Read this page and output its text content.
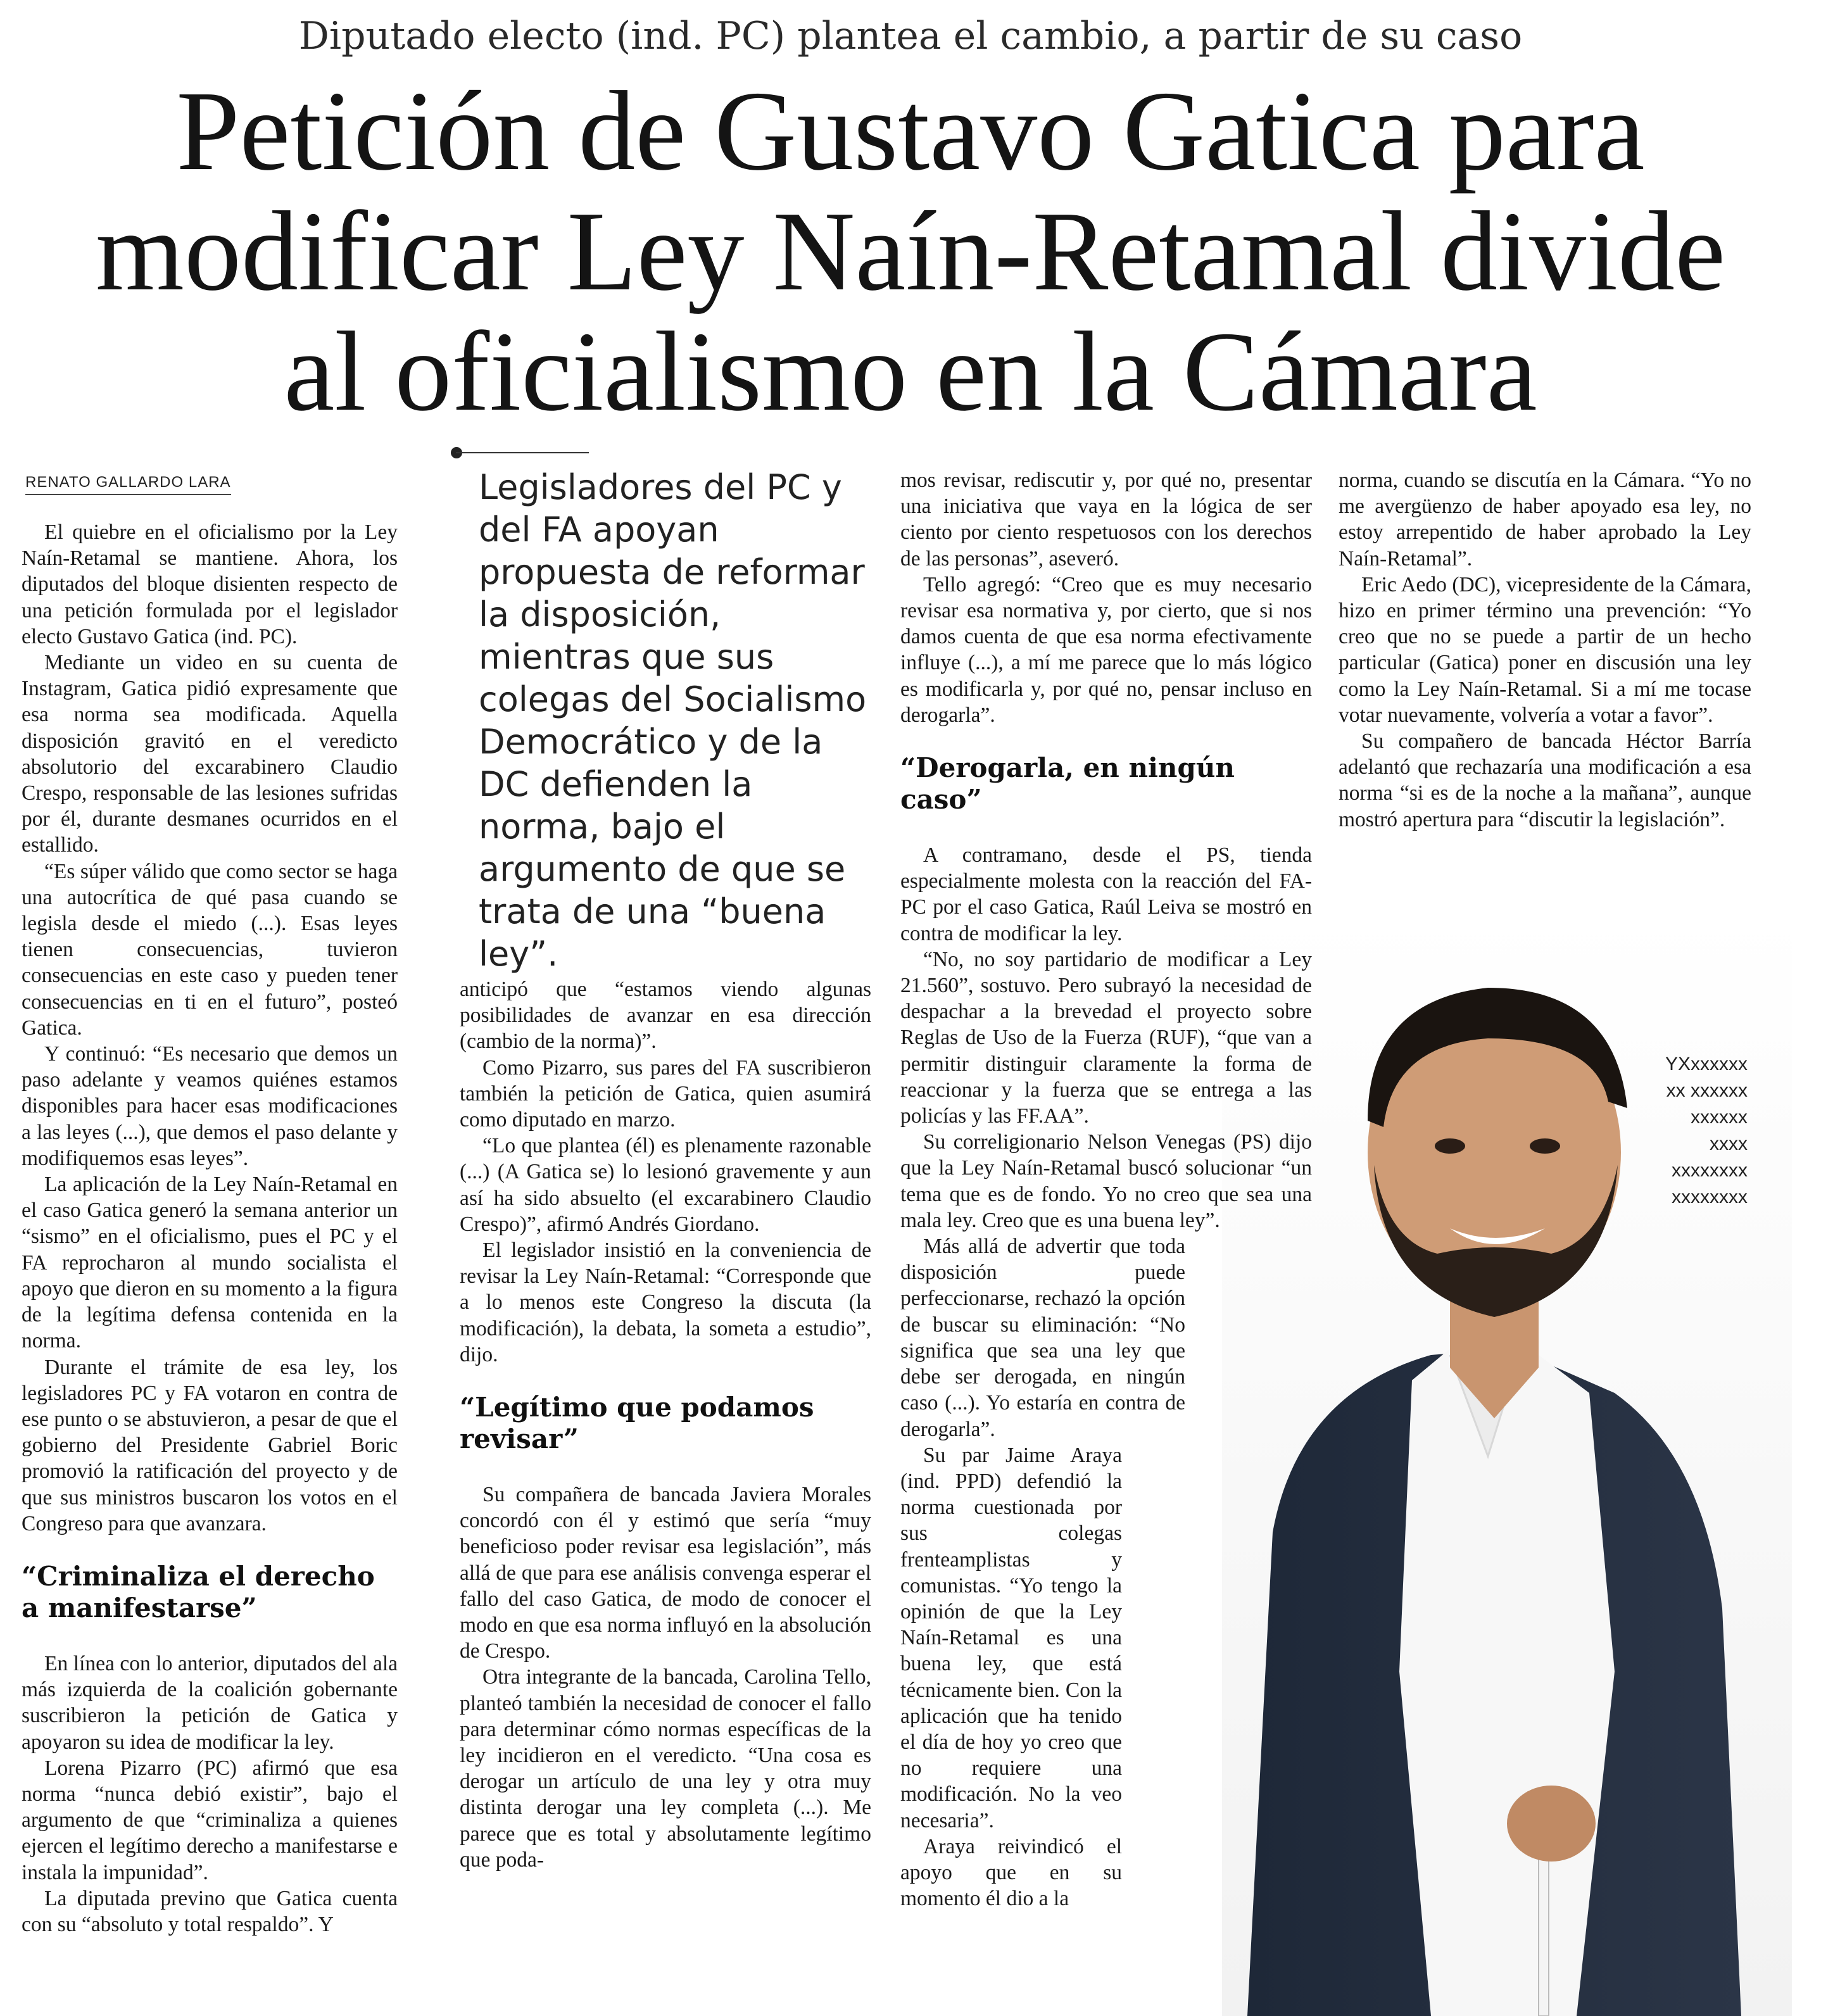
Diputado electo (ind. PC) plantea el cambio, a partir de su caso
Petición de Gustavo Gatica para
modificar Ley Naín-Retamal divide
al oficialismo en la Cámara
RENATO GALLARDO LARA	Legisladores del PC y del FA apoyan propuesta de reformar la disposición, mientras que sus colegas del Socialismo Democrático y de la DC defienden la norma, bajo el argumento de que se trata de una “buena ley”.

YXxxxxxx
xx xxxxxx
xxxxxx
xxxx
xxxxxxxx
xxxxxxxx

El quiebre en el oficialismo por la Ley Naín-Retamal se mantiene. Ahora, los diputados del bloque disienten respecto de una petición formulada por el legislador electo Gustavo Gatica (ind. PC).

Mediante un video en su cuenta de Instagram, Gatica pidió expresamente que esa norma sea modificada. Aquella disposición gravitó en el veredicto absolutorio del excarabinero Claudio Crespo, responsable de las lesiones sufridas por él, durante desmanes ocurridos en el estallido.

“Es súper válido que como sector se haga una autocrítica de qué pasa cuando se legisla desde el miedo (...). Esas leyes tienen consecuencias, tuvieron consecuencias en este caso y pueden tener consecuencias en ti en el futuro”, posteó Gatica.

Y continuó: “Es necesario que demos un paso adelante y veamos quiénes estamos disponibles para hacer esas modificaciones a las leyes (...), que demos el paso delante y modifiquemos esas leyes”.

La aplicación de la Ley Naín-Retamal en el caso Gatica generó la semana anterior un “sismo” en el oficialismo, pues el PC y el FA reprocharon al mundo socialista el apoyo que dieron en su momento a la figura de la legítima defensa contenida en la norma.

Durante el trámite de esa ley, los legisladores PC y FA votaron en contra de ese punto o se abstuvieron, a pesar de que el gobierno del Presidente Gabriel Boric promovió la ratificación del proyecto y de que sus ministros buscaron los votos en el Congreso para que avanzara.

“Criminaliza el derecho a manifestarse”

En línea con lo anterior, diputados del ala más izquierda de la coalición gobernante suscribieron la petición de Gatica y apoyaron su idea de modificar la ley.

Lorena Pizarro (PC) afirmó que esa norma “nunca debió existir”, bajo el argumento de que “criminaliza a quienes ejercen el legítimo derecho a manifestarse e instala la impunidad”.

La diputada previno que Gatica cuenta con su “absoluto y total respaldo”. Y

anticipó que “estamos viendo algunas posibilidades de avanzar en esa dirección (cambio de la norma)”.

Como Pizarro, sus pares del FA suscribieron también la petición de Gatica, quien asumirá como diputado en marzo.

“Lo que plantea (él) es plenamente razonable (...) (A Gatica se) lo lesionó gravemente y aun así ha sido absuelto (el excarabinero Claudio Crespo)”, afirmó Andrés Giordano.

El legislador insistió en la conveniencia de revisar la Ley Naín-Retamal: “Corresponde que a lo menos este Congreso la discuta (la modificación), la debata, la someta a estudio”, dijo.

“Legítimo que podamos revisar”

Su compañera de bancada Javiera Morales concordó con él y estimó que sería “muy beneficioso poder revisar esa legislación”, más allá de que para ese análisis convenga esperar el fallo del caso Gatica, de modo de conocer el modo en que esa norma influyó en la absolución de Crespo.

Otra integrante de la bancada, Carolina Tello, planteó también la necesidad de conocer el fallo para determinar cómo normas específicas de la ley incidieron en el veredicto. “Una cosa es derogar un artículo de una ley y otra muy distinta derogar una ley completa (...). Me parece que es total y absolutamente legítimo que poda-

mos revisar, rediscutir y, por qué no, presentar una iniciativa que vaya en la lógica de ser ciento por ciento respetuosos con los derechos de las personas”, aseveró.

Tello agregó: “Creo que es muy necesario revisar esa normativa y, por cierto, que si nos damos cuenta de que esa norma efectivamente influye (...), a mí me parece que lo más lógico es modificarla y, por qué no, pensar incluso en derogarla”.

“Derogarla, en ningún caso”

A contramano, desde el PS, tienda especialmente molesta con la reacción del FA-PC por el caso Gatica, Raúl Leiva se mostró en contra de modificar la ley.

“No, no soy partidario de modificar a Ley 21.560”, sostuvo. Pero subrayó la necesidad de despachar a la brevedad el proyecto sobre Reglas de Uso de la Fuerza (RUF), “que van a permitir distinguir claramente la forma de reaccionar y la fuerza que se entrega a las policías y las FF.AA”.

Su correligionario Nelson Venegas (PS) dijo que la Ley Naín-Retamal buscó solucionar “un tema que es de fondo. Yo no creo que sea una mala ley. Creo que es una buena ley”.

Más allá de advertir que toda disposición puede perfeccionarse, rechazó la opción de buscar su eliminación: “No significa que sea una ley que debe ser derogada, en ningún caso (...). Yo estaría en contra de derogarla”.

Su par Jaime Araya (ind. PPD) defendió la norma cuestionada por sus colegas frenteamplistas y comunistas. “Yo tengo la opinión de que la Ley Naín-Retamal es una buena ley, que está técnicamente bien. Con la aplicación que ha tenido el día de hoy yo creo que no requiere una modificación. No la veo necesaria”.

Araya reivindicó el apoyo que en su momento él dio a la

norma, cuando se discutía en la Cámara. “Yo no me avergüenzo de haber apoyado esa ley, no estoy arrepentido de haber aprobado la Ley Naín-Retamal”.

Eric Aedo (DC), vicepresidente de la Cámara, hizo en primer término una prevención: “Yo creo que no se puede a partir de un hecho particular (Gatica) poner en discusión una ley como la Ley Naín-Retamal. Si a mí me tocase votar nuevamente, volvería a votar a favor”.

Su compañero de bancada Héctor Barría adelantó que rechazaría una modificación a esa norma “si es de la noche a la mañana”, aunque mostró apertura para “discutir la legislación”.
